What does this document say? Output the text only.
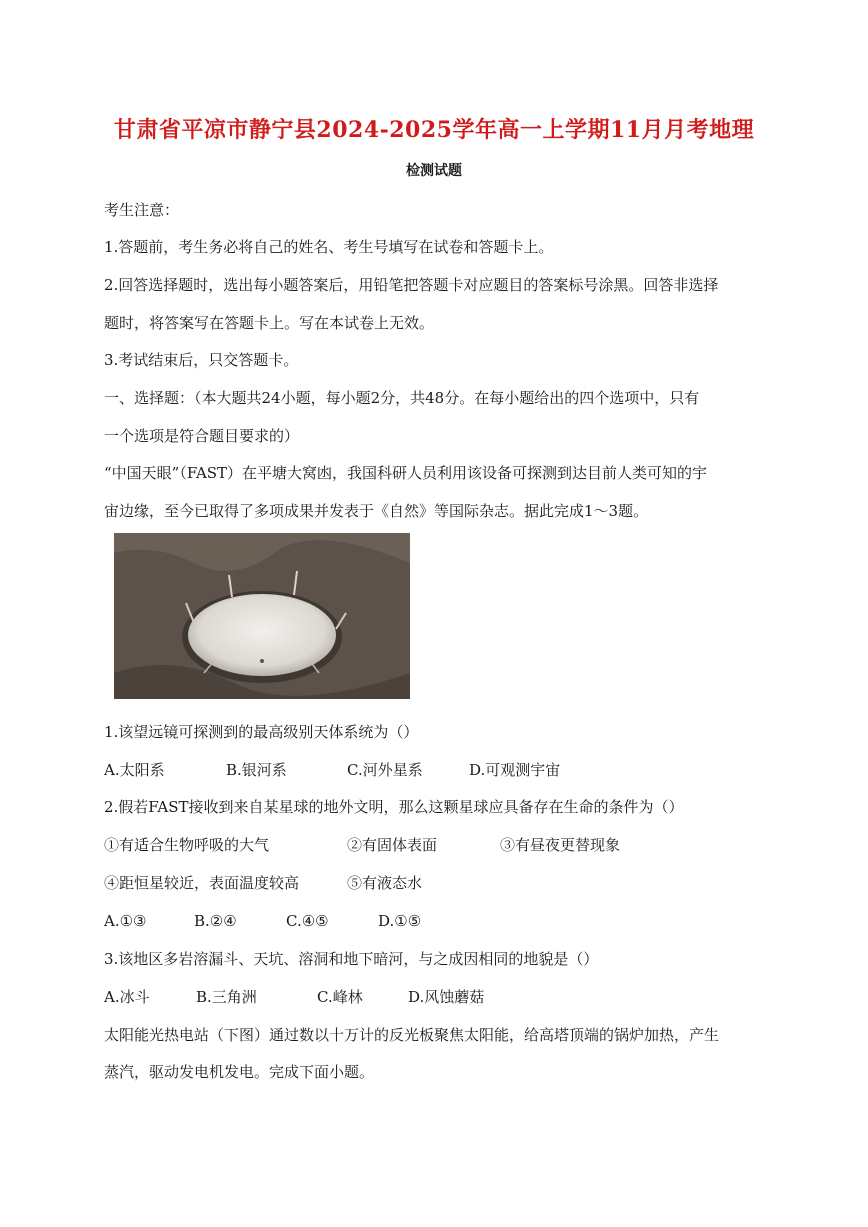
甘肃省平凉市静宁县2024-2025学年高一上学期11月月考地理
检测试题
考生注意：
1.答题前，考生务必将自己的姓名、考生号填写在试卷和答题卡上。
2.回答选择题时，选出每小题答案后，用铅笔把答题卡对应题目的答案标号涂黑。回答非选择
题时，将答案写在答题卡上。写在本试卷上无效。
3.考试结束后，只交答题卡。
一、选择题：（本大题共24小题，每小题2分，共48分。在每小题给出的四个选项中，只有
一个选项是符合题目要求的）
“中国天眼”（FAST）在平塘大窝凼，我国科研人员利用该设备可探测到达目前人类可知的宇
宙边缘，至今已取得了多项成果并发表于《自然》等国际杂志。据此完成1～3题。
1.该望远镜可探测到的最高级别天体系统为（）
A.太阳系	B.银河系	C.河外星系	D.可观测宇宙
2.假若FAST接收到来自某星球的地外文明，那么这颗星球应具备存在生命的条件为（）
①有适合生物呼吸的大气	②有固体表面	③有昼夜更替现象
④距恒星较近，表面温度较高	⑤有液态水
A.①③	B.②④	C.④⑤	D.①⑤
3.该地区多岩溶漏斗、天坑、溶洞和地下暗河，与之成因相同的地貌是（）
A.冰斗	B.三角洲	C.峰林	D.风蚀蘑菇
太阳能光热电站（下图）通过数以十万计的反光板聚焦太阳能，给高塔顶端的锅炉加热，产生
蒸汽，驱动发电机发电。完成下面小题。
